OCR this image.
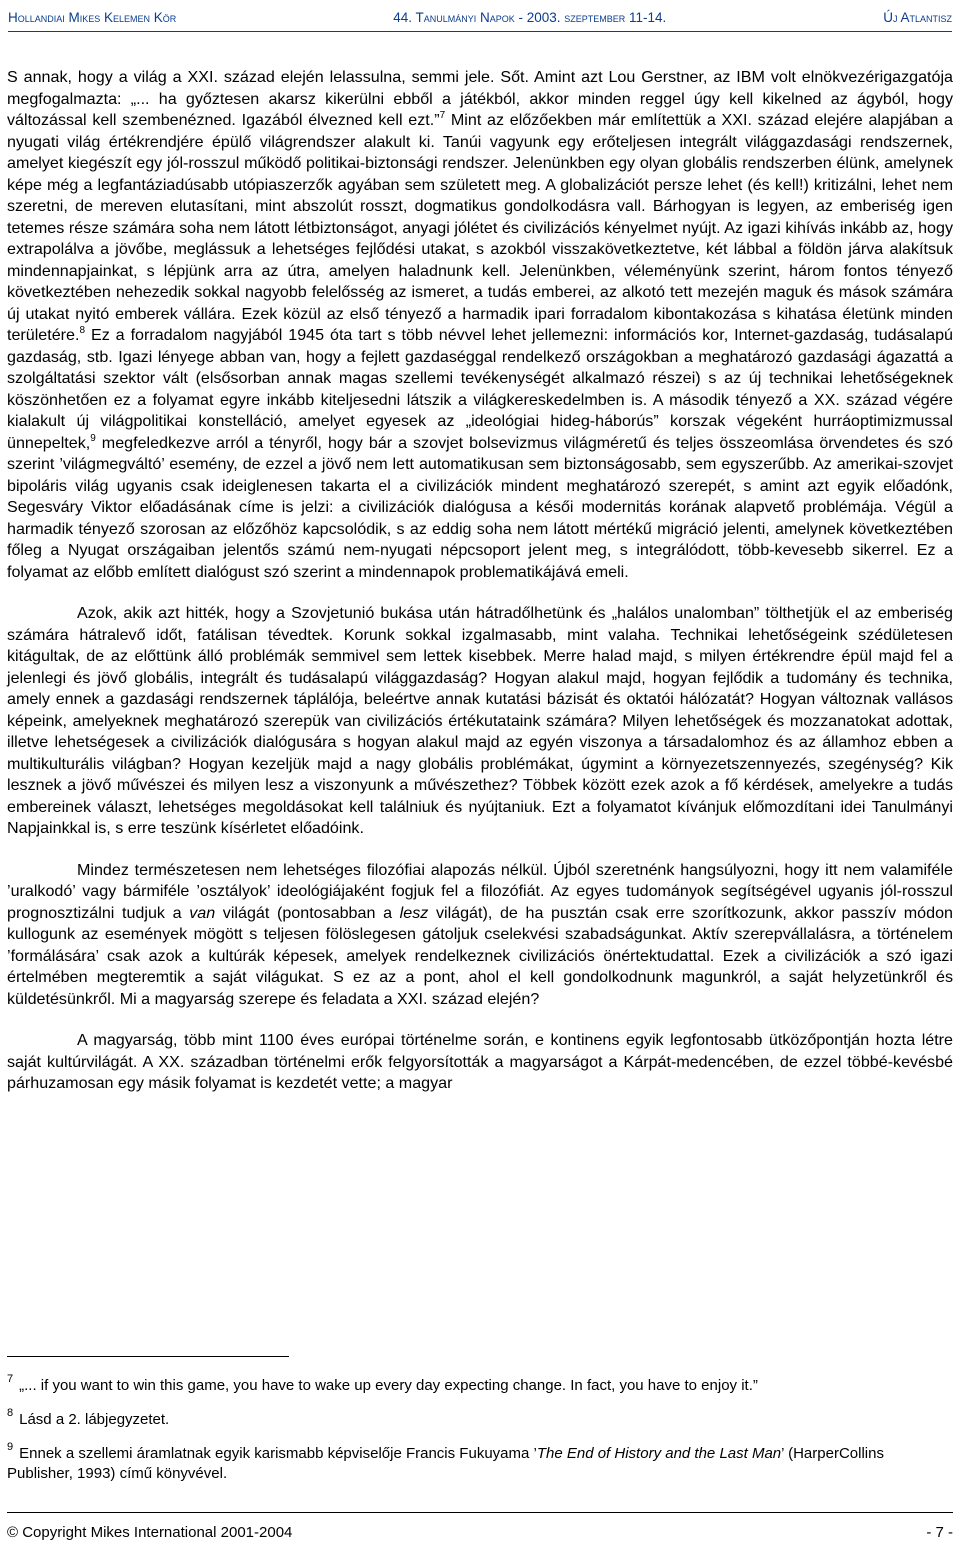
Hollandiai Mikes Kelemen Kör	44. Tanulmányi Napok - 2003. szeptember 11-14.	Új Atlantisz

S annak, hogy a világ a XXI. század elején lelassulna, semmi jele. Sőt. Amint azt Lou Gerstner, az IBM volt elnökvezérigazgatója megfogalmazta: „... ha győztesen akarsz kikerülni ebből a játékból, akkor minden reggel úgy kell kikelned az ágyból, hogy változással kell szembenézned. Igazából élvezned kell ezt.”$^7$ Mint az előzőekben már említettük a XXI. század elejére alapjában a nyugati világ értékrendjére épülő világrendszer alakult ki. Tanúi vagyunk egy erőteljesen integrált világgazdasági rendszernek, amelyet kiegészít egy jól-rosszul működő politikai-biztonsági rendszer. Jelenünkben egy olyan globális rendszerben élünk, amelynek képe még a legfantáziadúsabb utópiaszerzők agyában sem született meg. A globalizációt persze lehet (és kell!) kritizálni, lehet nem szeretni, de mereven elutasítani, mint abszolút rosszt, dogmatikus gondolkodásra vall. Bárhogyan is legyen, az emberiség igen tetemes része számára soha nem látott létbiztonságot, anyagi jólétet és civilizációs kényelmet nyújt. Az igazi kihívás inkább az, hogy extrapolálva a jövőbe, meglássuk a lehetséges fejlődési utakat, s azokból visszakövetkeztetve, két lábbal a földön járva alakítsuk mindennapjainkat, s lépjünk arra az útra, amelyen haladnunk kell. Jelenünkben, véleményünk szerint, három fontos tényező következtében nehezedik sokkal nagyobb felelősség az ismeret, a tudás emberei, az alkotó tett mezején maguk és mások számára új utakat nyitó emberek vállára. Ezek közül az első tényező a harmadik ipari forradalom kibontakozása s kihatása életünk minden területére.$^8$ Ez a forradalom nagyjából 1945 óta tart s több névvel lehet jellemezni: információs kor, Internet-gazdaság, tudásalapú gazdaság, stb. Igazi lényege abban van, hogy a fejlett gazdaséggal rendelkező országokban a meghatározó gazdasági ágazattá a szolgáltatási szektor vált (elsősorban annak magas szellemi tevékenységét alkalmazó részei) s az új technikai lehetőségeknek köszönhetően ez a folyamat egyre inkább kiteljesedni látszik a világkereskedelmben is. A második tényező a XX. század végére kialakult új világpolitikai konstelláció, amelyet egyesek az „ideológiai hideg-háborús” korszak végeként hurráoptimizmussal ünnepeltek,$^9$ megfeledkezve arról a tényről, hogy bár a szovjet bolsevizmus világméretű és teljes összeomlása örvendetes és szó szerint ’világmegváltó’ esemény, de ezzel a jövő nem lett automatikusan sem biztonságosabb, sem egyszerűbb. Az amerikai-szovjet bipoláris világ ugyanis csak ideiglenesen takarta el a civilizációk mindent meghatározó szerepét, s amint azt egyik előadónk, Segesváry Viktor előadásának címe is jelzi: a civilizációk dialógusa a késői modernitás korának alapvető problémája. Végül a harmadik tényező szorosan az előzőhöz kapcsolódik, s az eddig soha nem látott mértékű migráció jelenti, amelynek következtében főleg a Nyugat országaiban jelentős számú nem-nyugati népcsoport jelent meg, s integrálódott, több-kevesebb sikerrel. Ez a folyamat az előbb említett dialógust szó szerint a mindennapok problematikájává emeli.

Azok, akik azt hitték, hogy a Szovjetunió bukása után hátradőlhetünk és „halálos unalomban” tölthetjük el az emberiség számára hátralevő időt, fatálisan tévedtek. Korunk sokkal izgalmasabb, mint valaha. Technikai lehetőségeink szédületesen kitágultak, de az előttünk álló problémák semmivel sem lettek kisebbek. Merre halad majd, s milyen értékrendre épül majd fel a jelenlegi és jövő globális, integrált és tudásalapú világgazdaság? Hogyan alakul majd, hogyan fejlődik a tudomány és technika, amely ennek a gazdasági rendszernek táplálója, beleértve annak kutatási bázisát és oktatói hálózatát? Hogyan változnak vallásos képeink, amelyeknek meghatározó szerepük van civilizációs értékutataink számára? Milyen lehetőségek és mozzanatokat adottak, illetve lehetségesek a civilizációk dialógusára s hogyan alakul majd az egyén viszonya a társadalomhoz és az államhoz ebben a multikulturális világban? Hogyan kezeljük majd a nagy globális problémákat, úgymint a környezetszennyezés, szegénység? Kik lesznek a jövő művészei és milyen lesz a viszonyunk a művészethez? Többek között ezek azok a fő kérdések, amelyekre a tudás embereinek választ, lehetséges megoldásokat kell találniuk és nyújtaniuk. Ezt a folyamatot kívánjuk előmozdítani idei Tanulmányi Napjainkkal is, s erre teszünk kísérletet előadóink.

Mindez természetesen nem lehetséges filozófiai alapozás nélkül. Újból szeretnénk hangsúlyozni, hogy itt nem valamiféle ’uralkodó’ vagy bármiféle ’osztályok’ ideológiájaként fogjuk fel a filozófiát. Az egyes tudományok segítségével ugyanis jól-rosszul prognosztizálni tudjuk a van világát (pontosabban a lesz világát), de ha pusztán csak erre szorítkozunk, akkor passzív módon kullogunk az események mögött s teljesen fölöslegesen gátoljuk cselekvési szabadságunkat. Aktív szerepvállalásra, a történelem ’formálására’ csak azok a kultúrák képesek, amelyek rendelkeznek civilizációs önértektudattal. Ezek a civilizációk a szó igazi értelmében megteremtik a saját világukat. S ez az a pont, ahol el kell gondolkodnunk magunkról, a saját helyzetünkről és küldetésünkről. Mi a magyarság szerepe és feladata a XXI. század elején?

A magyarság, több mint 1100 éves európai történelme során, e kontinens egyik legfontosabb ütközőpontján hozta létre saját kultúrvilágát. A XX. században történelmi erők felgyorsították a magyarságot a Kárpát-medencében, de ezzel többé-kevésbé párhuzamosan egy másik folyamat is kezdetét vette; a magyar

$^7$ „... if you want to win this game, you have to wake up every day expecting change. In fact, you have to enjoy it.”

$^8$ Lásd a 2. lábjegyzetet.

$^9$ Ennek a szellemi áramlatnak egyik karismabb képviselője Francis Fukuyama ’The End of History and the Last Man’ (HarperCollins Publisher, 1993) című könyvével.

© Copyright Mikes International 2001-2004	- 7 -
